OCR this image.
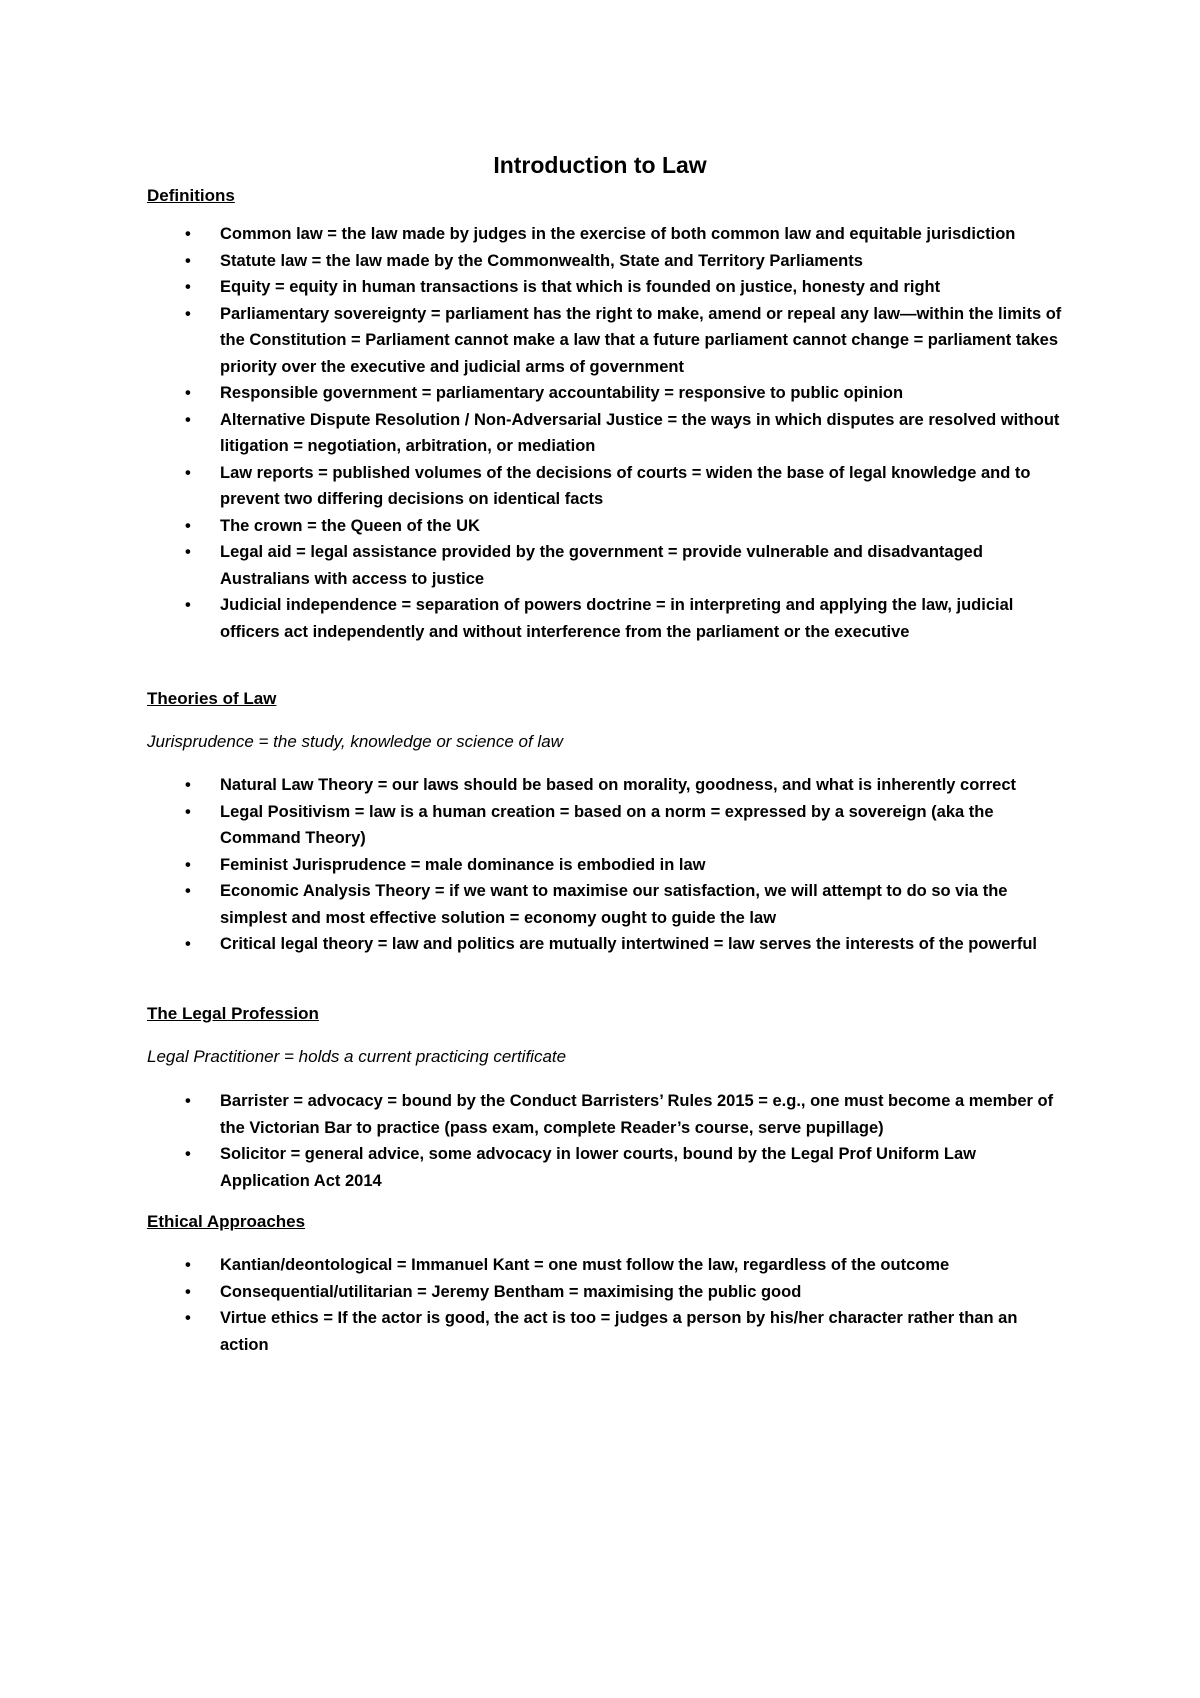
Introduction to Law
Definitions
•	Common law = the law made by judges in the exercise of both common law and equitable jurisdiction
•	Statute law = the law made by the Commonwealth, State and Territory Parliaments
•	Equity = equity in human transactions is that which is founded on justice, honesty and right
•	Parliamentary sovereignty = parliament has the right to make, amend or repeal any law—within the limits of the Constitution = Parliament cannot make a law that a future parliament cannot change = parliament takes priority over the executive and judicial arms of government
•	Responsible government = parliamentary accountability = responsive to public opinion
•	Alternative Dispute Resolution / Non-Adversarial Justice = the ways in which disputes are resolved without litigation = negotiation, arbitration, or mediation
•	Law reports = published volumes of the decisions of courts = widen the base of legal knowledge and to prevent two differing decisions on identical facts
•	The crown = the Queen of the UK
•	Legal aid = legal assistance provided by the government = provide vulnerable and disadvantaged Australians with access to justice
•	Judicial independence = separation of powers doctrine = in interpreting and applying the law, judicial officers act independently and without interference from the parliament or the executive
Theories of Law
Jurisprudence = the study, knowledge or science of law
•	Natural Law Theory = our laws should be based on morality, goodness, and what is inherently correct
•	Legal Positivism = law is a human creation = based on a norm = expressed by a sovereign (aka the Command Theory)
•	Feminist Jurisprudence = male dominance is embodied in law
•	Economic Analysis Theory = if we want to maximise our satisfaction, we will attempt to do so via the simplest and most effective solution = economy ought to guide the law
•	Critical legal theory = law and politics are mutually intertwined = law serves the interests of the powerful
The Legal Profession
Legal Practitioner = holds a current practicing certificate
•	Barrister = advocacy = bound by the Conduct Barristers’ Rules 2015 = e.g., one must become a member of the Victorian Bar to practice (pass exam, complete Reader’s course, serve pupillage)
•	Solicitor = general advice, some advocacy in lower courts, bound by the Legal Prof Uniform Law Application Act 2014
Ethical Approaches
•	Kantian/deontological = Immanuel Kant = one must follow the law, regardless of the outcome
•	Consequential/utilitarian = Jeremy Bentham = maximising the public good
•	Virtue ethics = If the actor is good, the act is too = judges a person by his/her character rather than an action
